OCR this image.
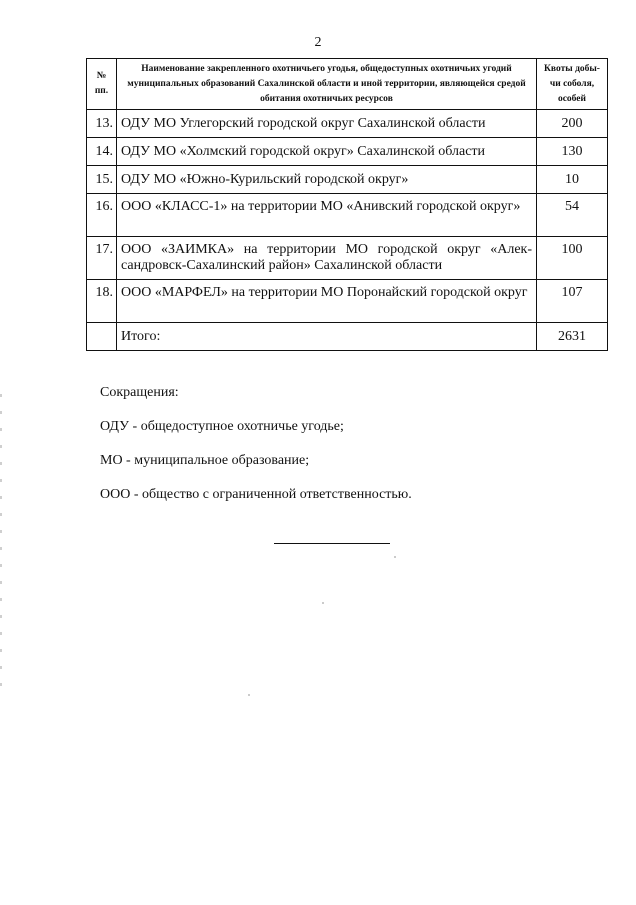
2
№ пп.	Наименование закрепленного охотничьего угодья, общедоступных охотничьих угодий муниципальных образований Сахалинской области и иной территории, являющейся средой обитания охотничьих ресурсов	Квоты добы-чи соболя, особей
13.	ОДУ МО Углегорский городской округ Сахалинской области	200
14.	ОДУ МО «Холмский городской округ» Сахалинской области	130
15.	ОДУ МО «Южно-Курильский городской округ»	10
16.	ООО «КЛАСС-1» на территории МО «Анивский городской округ»	54
17.	ООО «ЗАИМКА» на территории МО городской округ «Алек-сандровск-Сахалинский район» Сахалинской области	100
18.	ООО «МАРФЕЛ» на территории МО Поронайский городской округ	107
	Итого:	2631

Сокращения:

ОДУ - общедоступное охотничье угодье;

МО - муниципальное образование;

ООО - общество с ограниченной ответственностью.
